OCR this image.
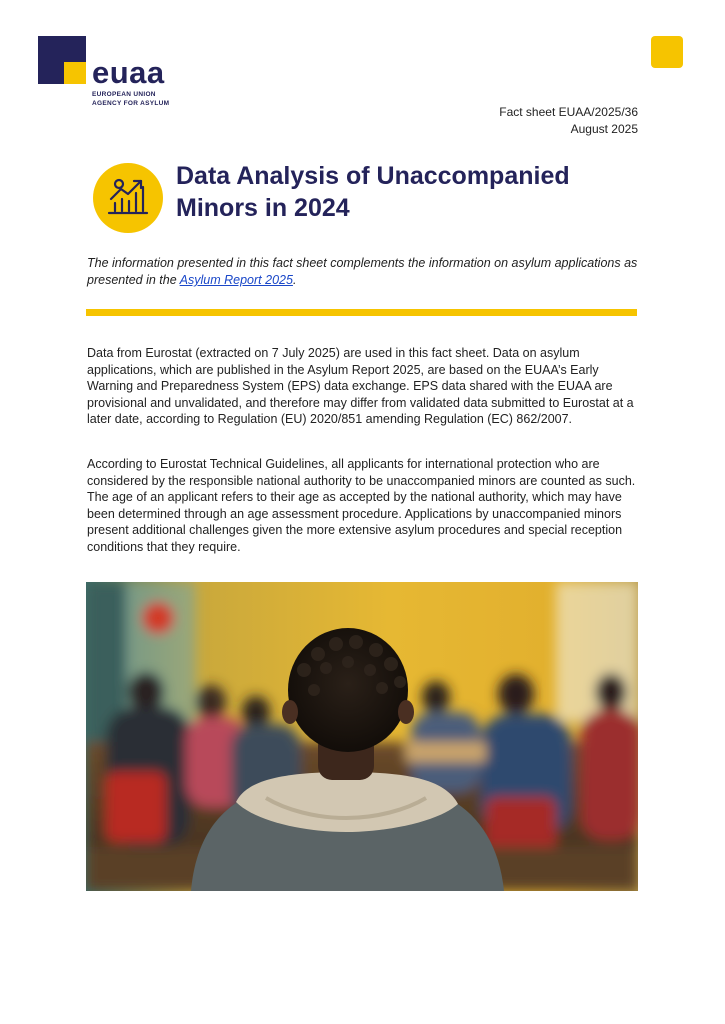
euaa
EUROPEAN UNION
AGENCY FOR ASYLUM
Fact sheet EUAA/2025/36
August 2025
Data Analysis of Unaccompanied
Minors in 2024

The information presented in this fact sheet complements the information on asylum applications as presented in the Asylum Report 2025.

Data from Eurostat (extracted on 7 July 2025) are used in this fact sheet. Data on asylum applications, which are published in the Asylum Report 2025, are based on the EUAA’s Early Warning and Preparedness System (EPS) data exchange. EPS data shared with the EUAA are provisional and unvalidated, and therefore may differ from validated data submitted to Eurostat at a later date, according to Regulation (EU) 2020/851 amending Regulation (EC) 862/2007.

According to Eurostat Technical Guidelines, all applicants for international protection who are considered by the responsible national authority to be unaccompanied minors are counted as such. The age of an applicant refers to their age as accepted by the national authority, which may have been determined through an age assessment procedure. Applications by unaccompanied minors present additional challenges given the more extensive asylum procedures and special reception conditions that they require.
